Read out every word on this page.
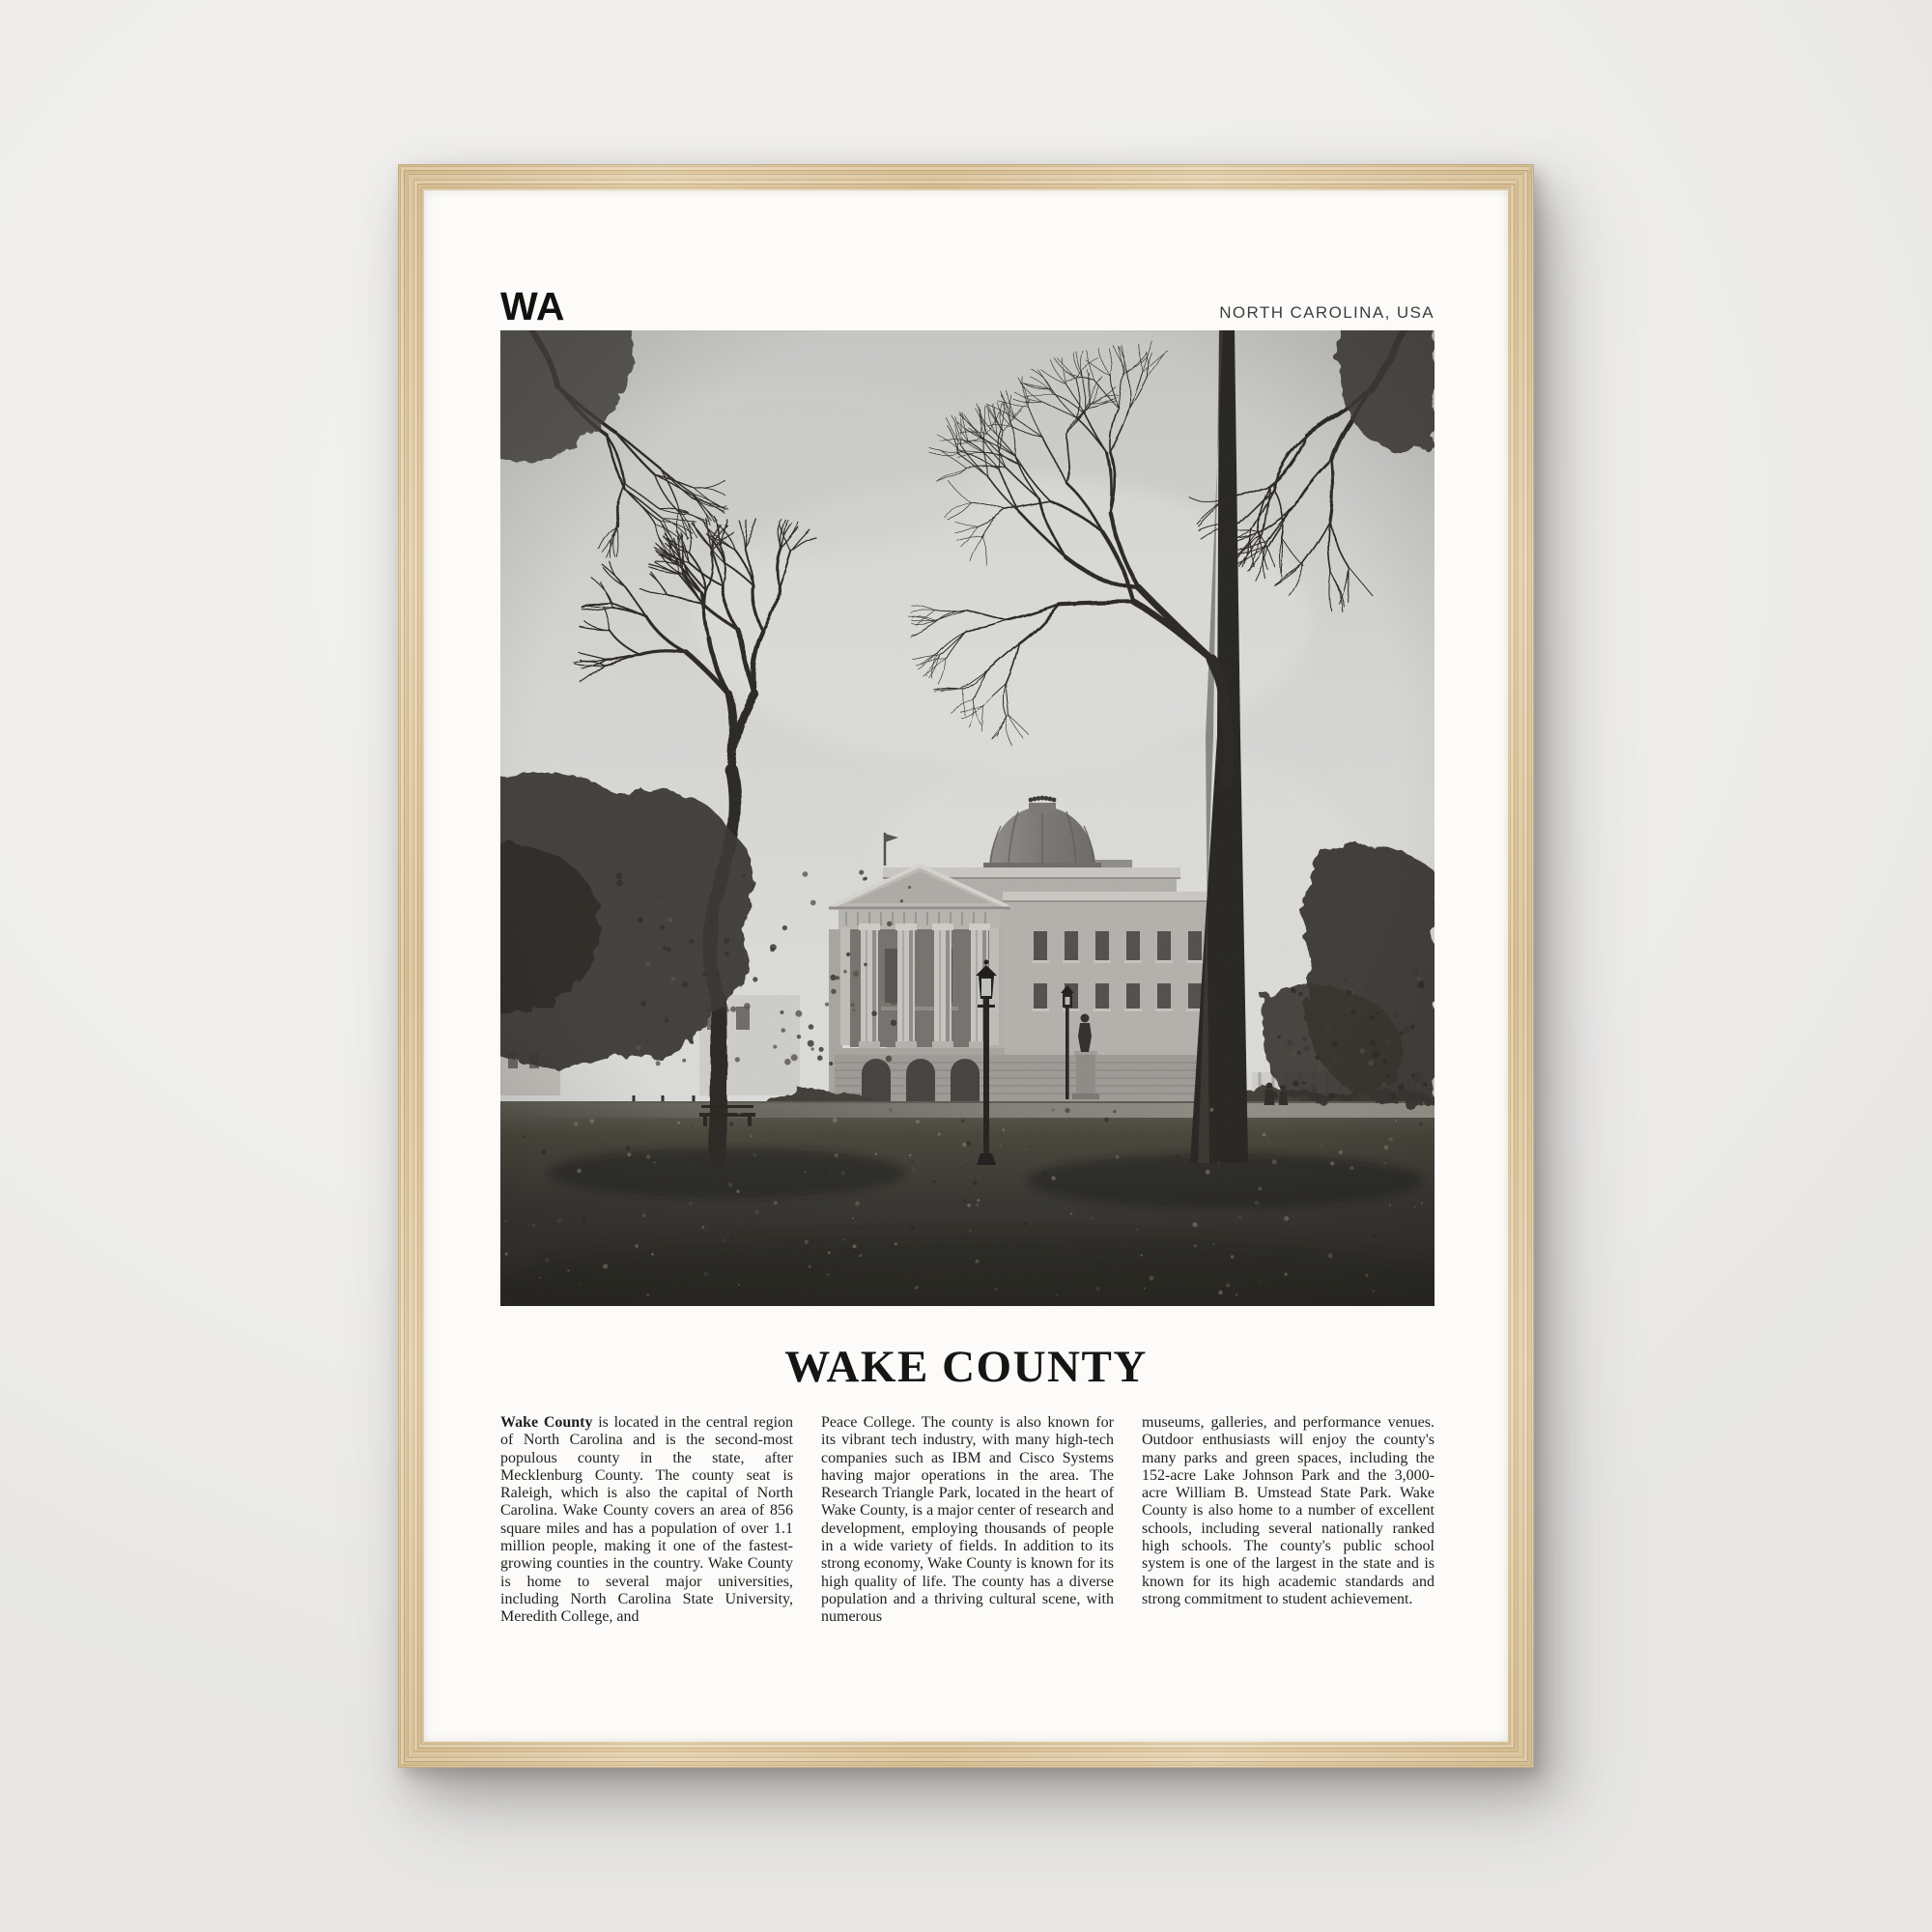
WA	NORTH CAROLINA, USA
WAKE COUNTY
Wake County is located in the central region of North Carolina and is the second-most populous county in the state, after Mecklenburg County. The county seat is Raleigh, which is also the capital of North Carolina. Wake County covers an area of 856 square miles and has a population of over 1.1 million people, making it one of the fastest-growing counties in the country. Wake County is home to several major universities, including North Carolina State University, Meredith College, and
Peace College. The county is also known for its vibrant tech industry, with many high-tech companies such as IBM and Cisco Systems having major operations in the area. The Research Triangle Park, located in the heart of Wake County, is a major center of research and development, employing thousands of people in a wide variety of fields. In addition to its strong economy, Wake County is known for its high quality of life. The county has a diverse population and a thriving cultural scene, with numerous
museums, galleries, and performance venues. Outdoor enthusiasts will enjoy the county's many parks and green spaces, including the 152-acre Lake Johnson Park and the 3,000-acre William B. Umstead State Park. Wake County is also home to a number of excellent schools, including several nationally ranked high schools. The county's public school system is one of the largest in the state and is known for its high academic standards and strong commitment to student achievement.
